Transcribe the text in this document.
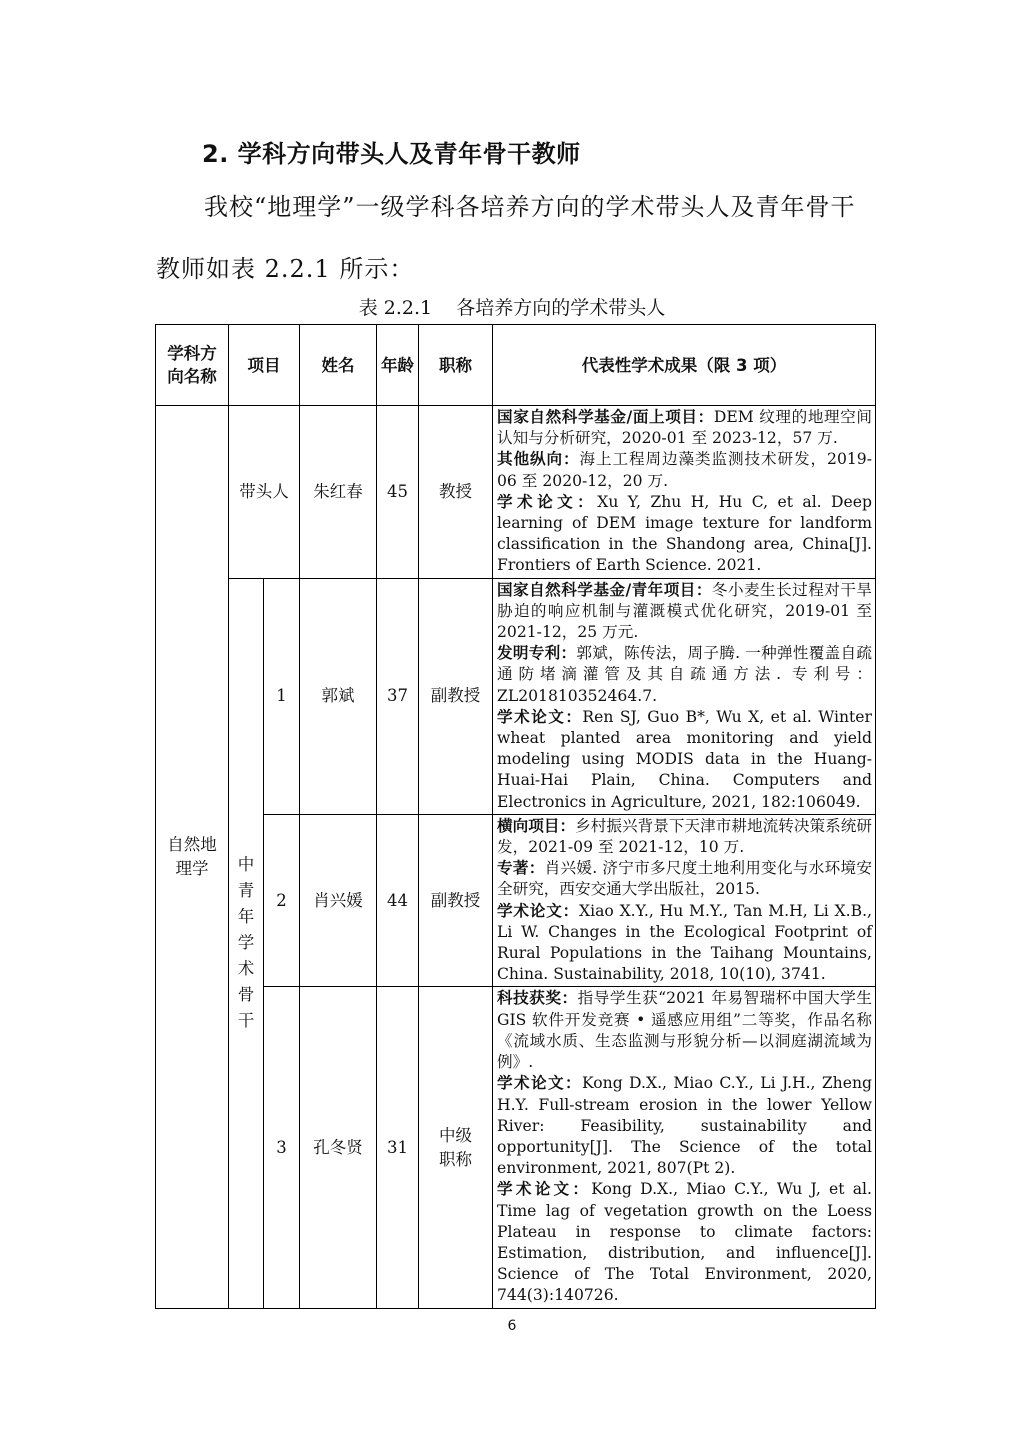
2. 学科方向带头人及青年骨干教师

我校“地理学”一级学科各培养方向的学术带头人及青年骨干
教师如表 2.2.1 所示：

表 2.2.1    各培养方向的学术带头人
学科方向名称	项目		姓名	年龄	职称	代表性学术成果（限 3 项）

自然地理学	带头人		朱红春	45	教授	国家自然科学基金/面上项目：DEM 纹理的地理空间认知与分析研究，2020-01 至 2023-12，57 万.

其他纵向：海上工程周边藻类监测技术研发，2019-06 至 2020-12，20 万.

学术论文：Xu Y, Zhu H, Hu C, et al. Deep learning of DEM image texture for landform classification in the Shandong area, China[J]. Frontiers of Earth Science. 2021.

	中青年学术骨干	1	郭斌	37	副教授	国家自然科学基金/青年项目：冬小麦生长过程对干旱胁迫的响应机制与灌溉模式优化研究，2019-01 至 2021-12，25 万元.

发明专利：郭斌，陈传法，周子腾. 一种弹性覆盖自疏通防堵滴灌管及其自疏通方法. 专利号：ZL201810352464.7.

学术论文：Ren SJ, Guo B*, Wu X, et al. Winter wheat planted area monitoring and yield modeling using MODIS data in the Huang-Huai-Hai Plain, China. Computers and Electronics in Agriculture, 2021, 182:106049.

		2	肖兴媛	44	副教授	横向项目：乡村振兴背景下天津市耕地流转决策系统研发，2021-09 至 2021-12，10 万.

专著：肖兴媛. 济宁市多尺度土地利用变化与水环境安全研究，西安交通大学出版社，2015.

学术论文：Xiao X.Y., Hu M.Y., Tan M.H, Li X.B., Li W. Changes in the Ecological Footprint of Rural Populations in the Taihang Mountains, China. Sustainability, 2018, 10(10), 3741.

		3	孔冬贤	31	中级职称	科技获奖：指导学生获“2021 年易智瑞杯中国大学生 GIS 软件开发竞赛 • 遥感应用组”二等奖，作品名称《流域水质、生态监测与形貌分析—以洞庭湖流域为例》.

学术论文：Kong D.X., Miao C.Y., Li J.H., Zheng H.Y. Full-stream erosion in the lower Yellow River: Feasibility, sustainability and opportunity[J]. The Science of the total environment, 2021, 807(Pt 2).

学术论文：Kong D.X., Miao C.Y., Wu J, et al. Time lag of vegetation growth on the Loess Plateau in response to climate factors: Estimation, distribution, and influence[J]. Science of The Total Environment, 2020, 744(3):140726.

6
